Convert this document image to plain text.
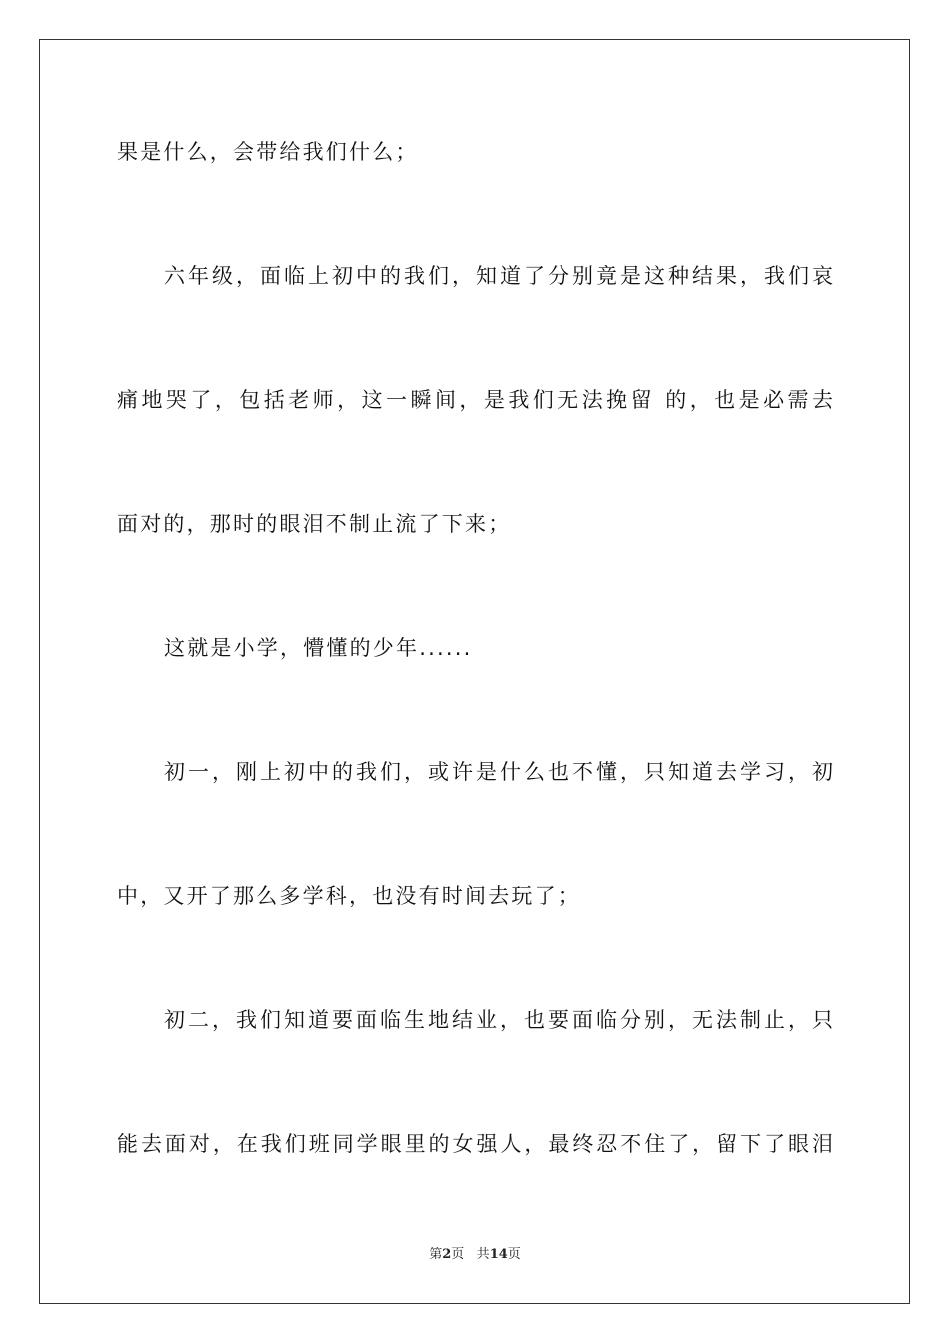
果是什么，会带给我们什么；
六年级，面临上初中的我们，知道了分别竟是这种结果，我们哀
痛地哭了，包括老师，这一瞬间，是我们无法挽留 的，也是必需去
面对的，那时的眼泪不制止流了下来；
这就是小学，懵懂的少年......
初一，刚上初中的我们，或许是什么也不懂，只知道去学习，初
中，又开了那么多学科，也没有时间去玩了；
初二，我们知道要面临生地结业，也要面临分别，无法制止，只
能去面对，在我们班同学眼里的女强人，最终忍不住了，留下了眼泪
第2页 共14页
